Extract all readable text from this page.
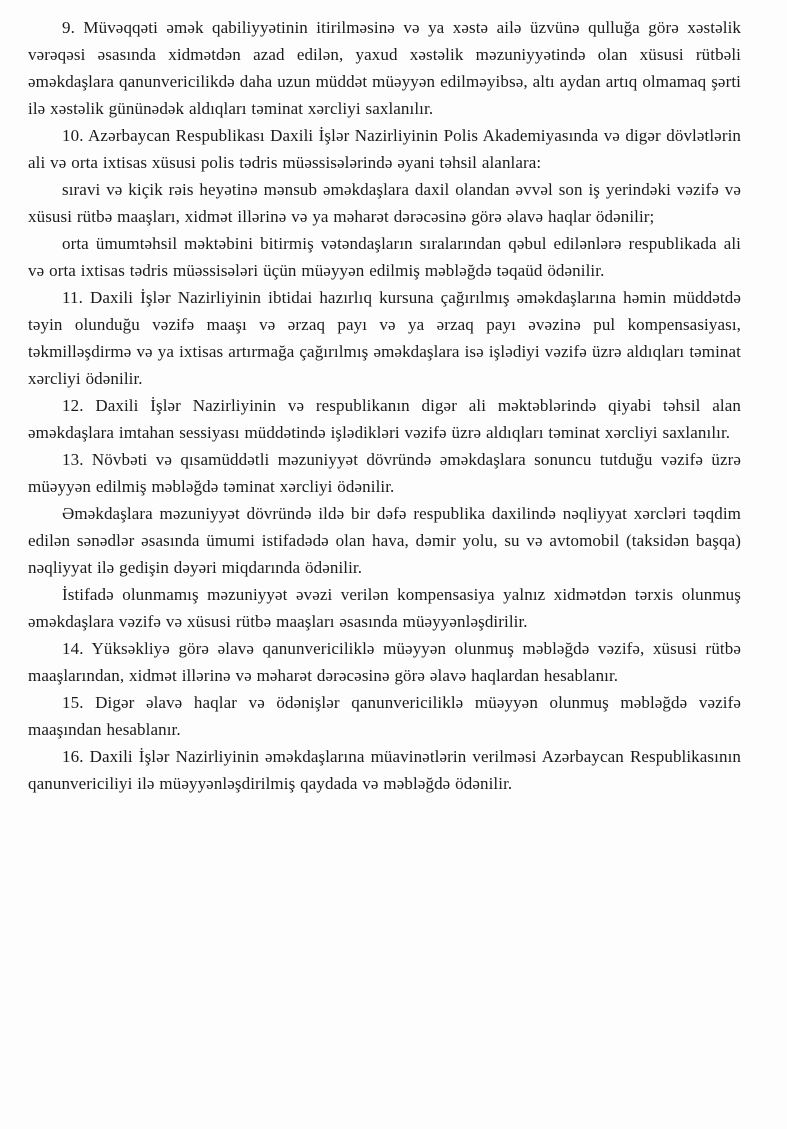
9. Müvəqqəti əmək qabiliyyətinin itirilməsinə və ya xəstə ailə üzvünə qulluğa görə xəstəlik vərəqəsi əsasında xidmətdən azad edilən, yaxud xəstəlik məzuniyyətində olan xüsusi rütbəli əməkdaşlara qanunvericilikdə daha uzun müddət müəyyən edilməyibsə, altı aydan artıq olmamaq şərti ilə xəstəlik gününədək aldıqları təminat xərcliyi saxlanılır.

10. Azərbaycan Respublikası Daxili İşlər Nazirliyinin Polis Akademiyasında və digər dövlətlərin ali və orta ixtisas xüsusi polis tədris müəssisələrində əyani təhsil alanlara:

sıravi və kiçik rəis heyətinə mənsub əməkdaşlara daxil olandan əvvəl son iş yerindəki vəzifə və xüsusi rütbə maaşları, xidmət illərinə və ya məharət dərəcəsinə görə əlavə haqlar ödənilir;

orta ümumtəhsil məktəbini bitirmiş vətəndaşların sıralarından qəbul edilənlərə respublikada ali və orta ixtisas tədris müəssisələri üçün müəyyən edilmiş məbləğdə təqaüd ödənilir.

11. Daxili İşlər Nazirliyinin ibtidai hazırlıq kursuna çağırılmış əməkdaşlarına həmin müddətdə təyin olunduğu vəzifə maaşı və ərzaq payı və ya ərzaq payı əvəzinə pul kompensasiyası, təkmilləşdirmə və ya ixtisas artırmağa çağırılmış əməkdaşlara isə işlədiyi vəzifə üzrə aldıqları təminat xərcliyi ödənilir.

12. Daxili İşlər Nazirliyinin və respublikanın digər ali məktəblərində qiyabi təhsil alan əməkdaşlara imtahan sessiyası müddətində işlədikləri vəzifə üzrə aldıqları təminat xərcliyi saxlanılır.

13. Növbəti və qısamüddətli məzuniyyət dövründə əməkdaşlara sonuncu tutduğu vəzifə üzrə müəyyən edilmiş məbləğdə təminat xərcliyi ödənilir.

Əməkdaşlara məzuniyyət dövründə ildə bir dəfə respublika daxilində nəqliyyat xərcləri təqdim edilən sənədlər əsasında ümumi istifadədə olan hava, dəmir yolu, su və avtomobil (taksidən başqa) nəqliyyat ilə gedişin dəyəri miqdarında ödənilir.

İstifadə olunmamış məzuniyyət əvəzi verilən kompensasiya yalnız xidmətdən tərxis olunmuş əməkdaşlara vəzifə və xüsusi rütbə maaşları əsasında müəyyənləşdirilir.

14. Yüksəkliyə görə əlavə qanunvericiliklə müəyyən olunmuş məbləğdə vəzifə, xüsusi rütbə maaşlarından, xidmət illərinə və məharət dərəcəsinə görə əlavə haqlardan hesablanır.

15. Digər əlavə haqlar və ödənişlər qanunvericiliklə müəyyən olunmuş məbləğdə vəzifə maaşından hesablanır.

16. Daxili İşlər Nazirliyinin əməkdaşlarına müavinətlərin verilməsi Azərbaycan Respublikasının qanunvericiliyi ilə müəyyənləşdirilmiş qaydada və məbləğdə ödənilir.
